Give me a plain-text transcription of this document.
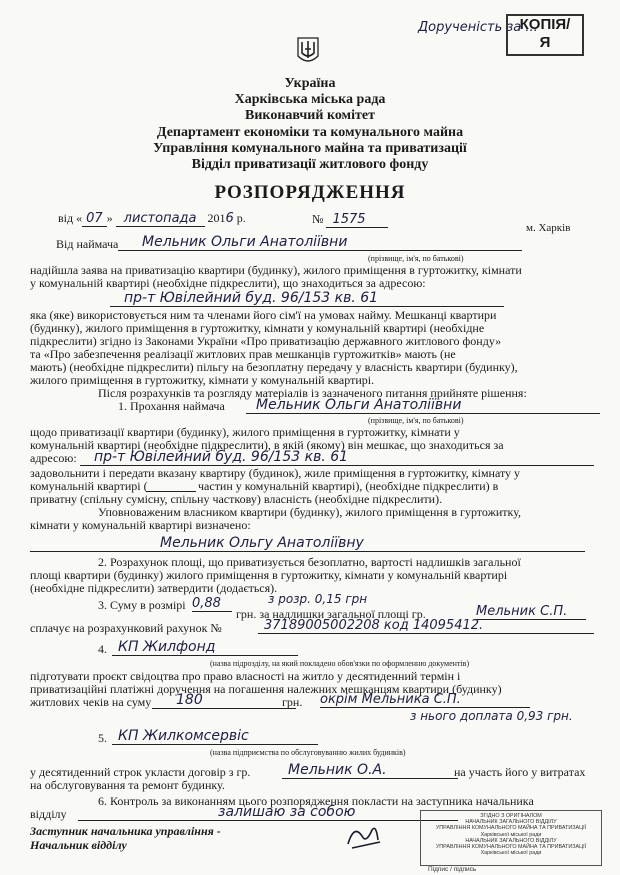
Дорученість за ...
КОПІЯ/
Я
Україна
Харківська міська рада
Виконавчий комітет
Департамент економіки та комунального майна
Управління комунального майна та приватизації
Відділ приватизації житлового фонду
РОЗПОРЯДЖЕННЯ
від « 07 » листопада 2016 р.	№ 1575
м. Харків
Від наймача	Мельник Ольги Анатоліївни
(прізвище, ім'я, по батькові)
надійшла заява на приватизацію квартири (будинку), жилого приміщення в гуртожитку, кімнати
у комунальній квартирі (необхідне підкреслити), що знаходиться за адресою:
пр-т Ювілейний буд. 96/153 кв. 61
яка (яке) використовується ним та членами його сім'ї на умовах найму. Мешканці квартири
(будинку), жилого приміщення в гуртожитку, кімнати у комунальній квартирі (необхідне
підкреслити) згідно із Законами України «Про приватизацію державного житлового фонду»
та «Про забезпечення реалізації житлових прав мешканців гуртожитків» мають (не
мають) (необхідне підкреслити) пільгу на безоплатну передачу у власність квартири (будинку),
жилого приміщення в гуртожитку, кімнати у комунальній квартирі.
Після розрахунків та розгляду матеріалів із зазначеного питання прийняте рішення:
1. Прохання наймача	Мельник Ольги Анатоліївни
(прізвище, ім'я, по батькові)
щодо приватизації квартири (будинку), жилого приміщення в гуртожитку, кімнати у
комунальній квартирі (необхідне підкреслити), в якій (якому) він мешкає, що знаходиться за
адресою:	пр-т Ювілейний буд. 96/153 кв. 61
задовольнити і передати вказану квартиру (будинок), жиле приміщення в гуртожитку, кімнату у
комунальній квартирі (	частин у комунальній квартирі), (необхідне підкреслити) в
приватну (спільну сумісну, спільну часткову) власність (необхідне підкреслити).
Уповноваженим власником квартири (будинку), жилого приміщення в гуртожитку,
кімнати у комунальній квартирі визначено:
Мельник Ольгу Анатоліївну
2. Розрахунок площі, що приватизується безоплатно, вартості надлишків загальної
площі квартири (будинку) жилого приміщення в гуртожитку, кімнати у комунальній квартирі
(необхідне підкреслити) затвердити (додається).
3. Суму в розмірі 0,88	з розр. 0,15 грн
грн. за надлишки загальної площі гр.	Мельник С.П.
сплачує на розрахунковий рахунок №	37189005002208 код 14095412.
4. КП Жилфонд
(назва підрозділу, на який покладено обов'язки по оформленню документів)
підготувати проєкт свідоцтва про право власності на житло у десятиденний термін і
приватизаційні платіжні доручення на погашення належних мешканцям квартири (будинку)
житлових чеків на суму	180	грн. окрім Мельника С.П.
з нього доплата 0,93 грн.
5. КП Жилкомсервіс
(назва підприємства по обслуговуванню жилих будинків)
у десятиденний строк укласти договір з гр.	Мельник О.А.	на участь його у витратах
на обслуговування та ремонт будинку.
6. Контроль за виконанням цього розпорядження покласти на заступника начальника
відділу	залишаю за собою
Заступник начальника управління -
Начальник відділу
ЗГІДНО З ОРИГІНАЛОМ
НАЧАЛЬНИК ЗАГАЛЬНОГО ВІДДІЛУ
УПРАВЛІННЯ КОМУНАЛЬНОГО МАЙНА ТА ПРИВАТИЗАЦІЇ
Харківської міської ради
НАЧАЛЬНИК ЗАГАЛЬНОГО ВІДДІЛУ
УПРАВЛІННЯ КОМУНАЛЬНОГО МАЙНА ТА ПРИВАТИЗАЦІЇ
Харківської міської ради
Підпис / підпись
